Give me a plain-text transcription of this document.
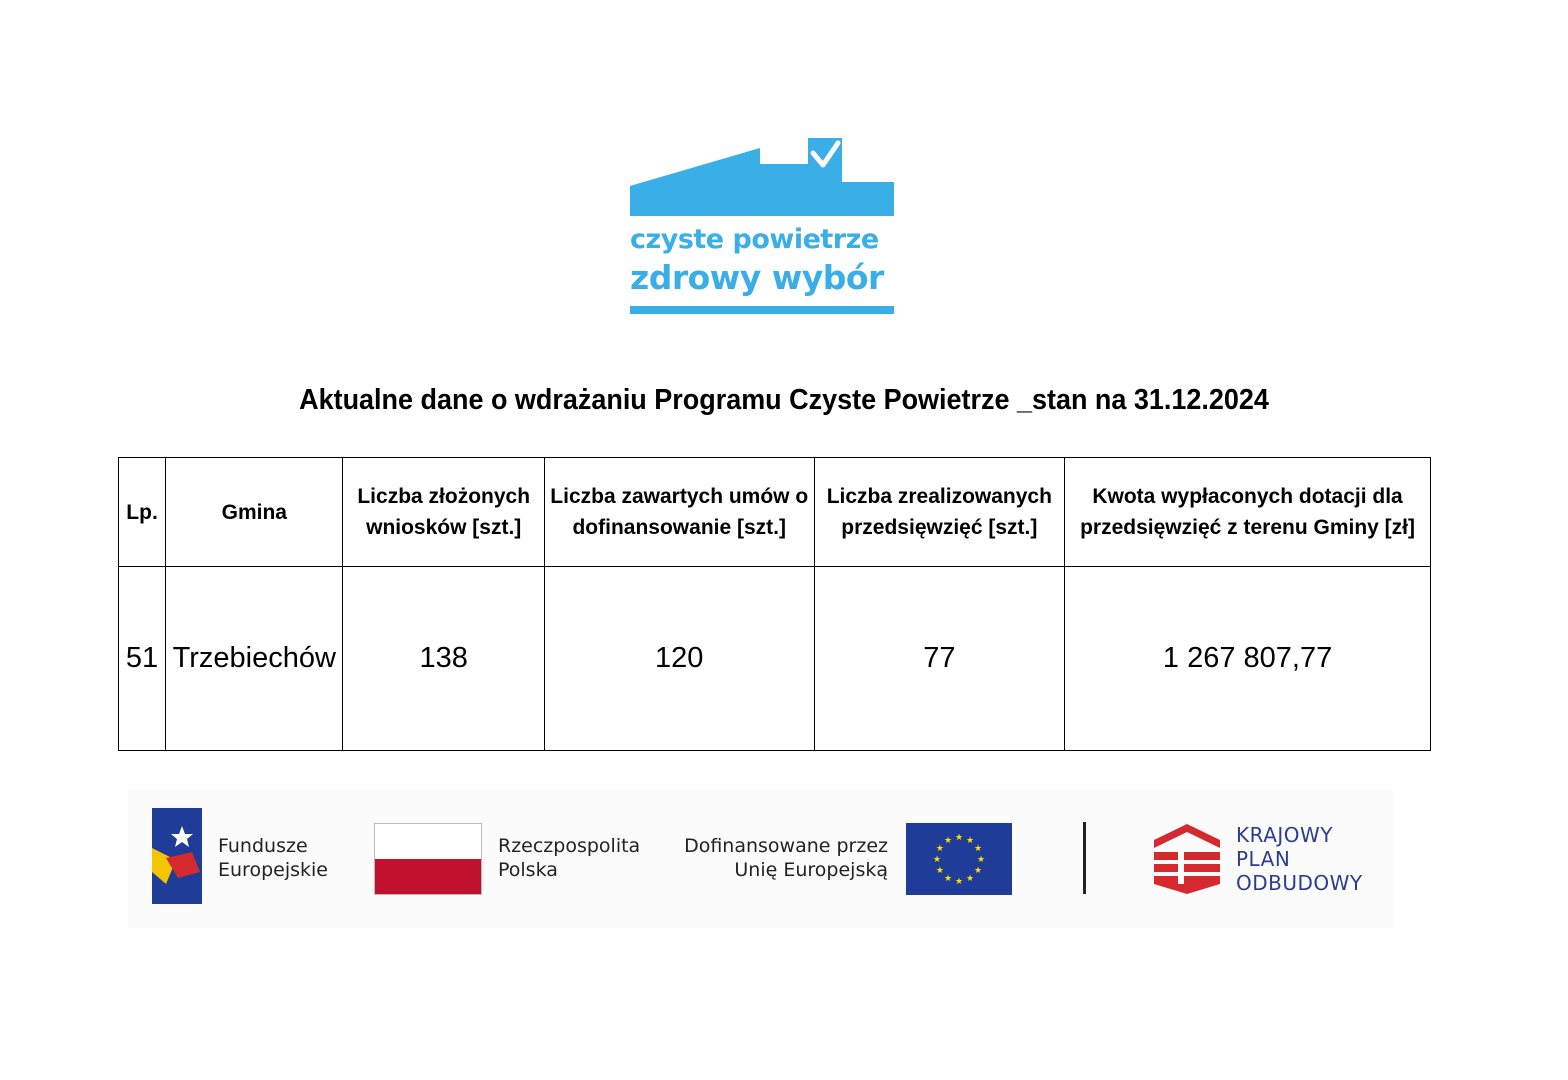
czyste powietrze
zdrowy wybór
Aktualne dane o wdrażaniu Programu Czyste Powietrze _stan na 31.12.2024
Lp.	Gmina	Liczba złożonych wniosków [szt.]	Liczba zawartych umów o dofinansowanie [szt.]	Liczba zrealizowanych przedsięwzięć [szt.]	Kwota wypłaconych dotacji dla przedsięwzięć z terenu Gminy [zł]
51	Trzebiechów	138	120	77	1 267 807,77
Fundusze
Europejskie
Rzeczpospolita
Polska
Dofinansowane przez
Unię Europejską
★ ★
★
★
★
★
★
★
★
★
★
★	KRAJOWY
PLAN
ODBUDOWY
